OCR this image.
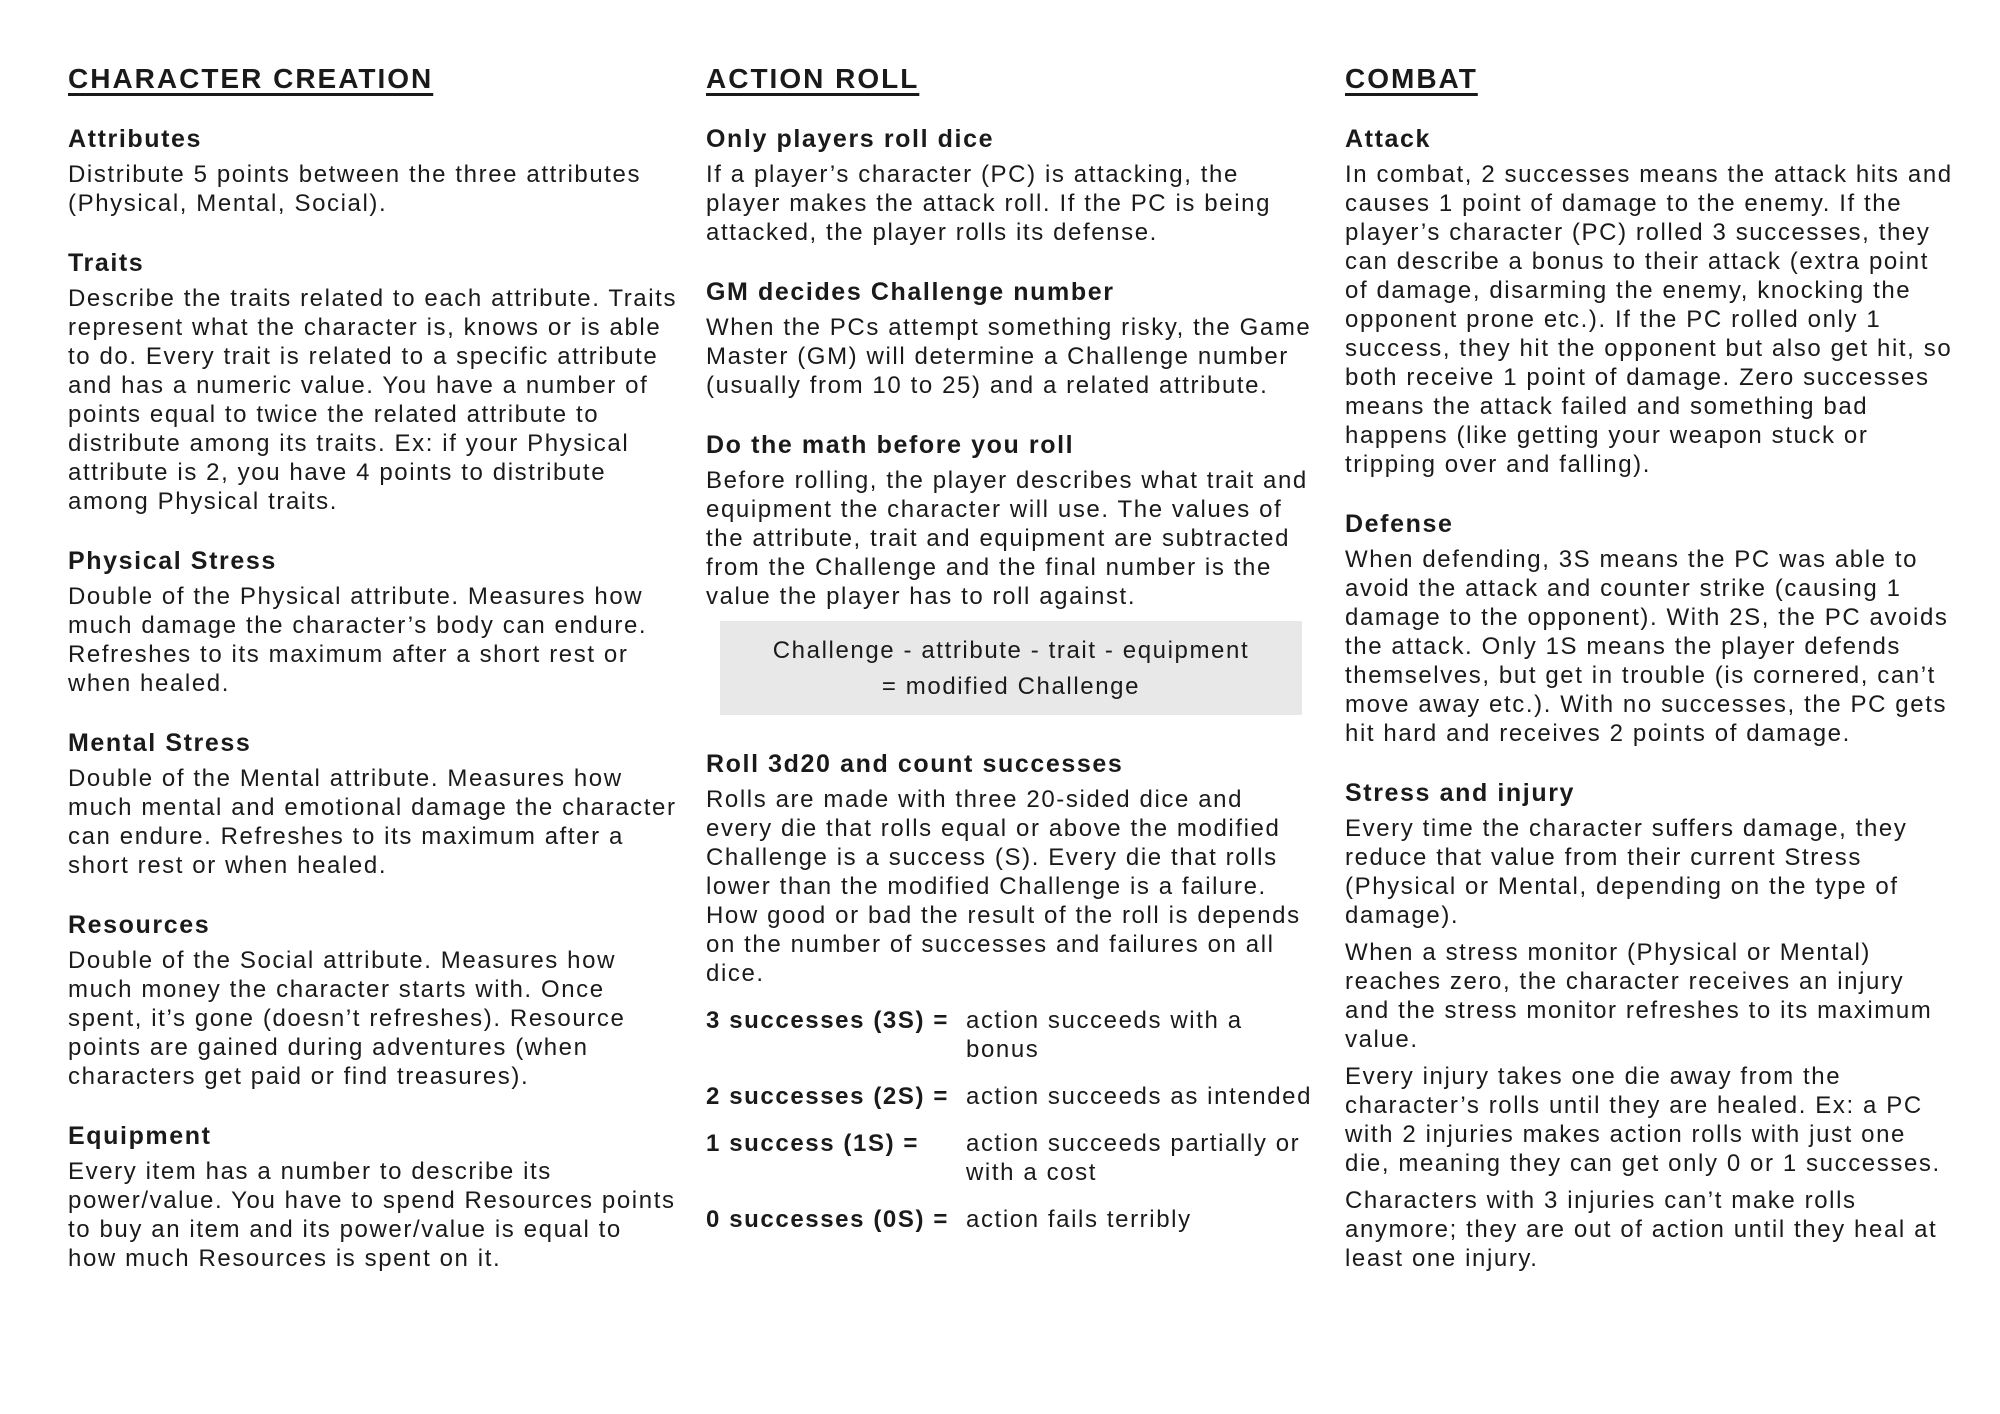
CHARACTER CREATION
Attributes

Distribute 5 points between the three attributes (Physical, Mental, Social).

Traits

Describe the traits related to each attribute. Traits represent what the character is, knows or is able to do. Every trait is related to a specific attribute and has a numeric value. You have a number of points equal to twice the related attribute to distribute among its traits. Ex: if your Physical attribute is 2, you have 4 points to distribute among Physical traits.

Physical Stress

Double of the Physical attribute. Measures how much damage the character’s body can endure. Refreshes to its maximum after a short rest or when healed.

Mental Stress

Double of the Mental attribute. Measures how much mental and emotional damage the character can endure. Refreshes to its maximum after a short rest or when healed.

Resources

Double of the Social attribute. Measures how much money the character starts with. Once spent, it’s gone (doesn’t refreshes). Resource points are gained during adventures (when characters get paid or find treasures).

Equipment

Every item has a number to describe its power/value. You have to spend Resources points to buy an item and its power/value is equal to how much Resources is spent on it.

ACTION ROLL
Only players roll dice

If a player’s character (PC) is attacking, the player makes the attack roll. If the PC is being attacked, the player rolls its defense.

GM decides Challenge number

When the PCs attempt something risky, the Game Master (GM) will determine a Challenge number (usually from 10 to 25) and a related attribute.

Do the math before you roll

Before rolling, the player describes what trait and equipment the character will use. The values of the attribute, trait and equipment are subtracted from the Challenge and the final number is the value the player has to roll against.

Challenge - attribute - trait - equipment
= modified Challenge
Roll 3d20 and count successes

Rolls are made with three 20-sided dice and every die that rolls equal or above the modified Challenge is a success (S). Every die that rolls lower than the modified Challenge is a failure. How good or bad the result of the roll is depends on the number of successes and failures on all dice.

3 successes (3S) = action succeeds with a bonus
2 successes (2S) = action succeeds as intended
1 success (1S) =	action succeeds partially or with a cost
0 successes (0S) = action fails terribly
COMBAT
Attack

In combat, 2 successes means the attack hits and causes 1 point of damage to the enemy. If the player’s character (PC) rolled 3 successes, they can describe a bonus to their attack (extra point of damage, disarming the enemy, knocking the opponent prone etc.). If the PC rolled only 1 success, they hit the opponent but also get hit, so both receive 1 point of damage. Zero successes means the attack failed and something bad happens (like getting your weapon stuck or tripping over and falling).

Defense

When defending, 3S means the PC was able to avoid the attack and counter strike (causing 1 damage to the opponent). With 2S, the PC avoids the attack. Only 1S means the player defends themselves, but get in trouble (is cornered, can’t move away etc.). With no successes, the PC gets hit hard and receives 2 points of damage.

Stress and injury

Every time the character suffers damage, they reduce that value from their current Stress (Physical or Mental, depending on the type of damage).

When a stress monitor (Physical or Mental) reaches zero, the character receives an injury and the stress monitor refreshes to its maximum value.

Every injury takes one die away from the character’s rolls until they are healed. Ex: a PC with 2 injuries makes action rolls with just one die, meaning they can get only 0 or 1 successes.

Characters with 3 injuries can’t make rolls anymore; they are out of action until they heal at least one injury.
